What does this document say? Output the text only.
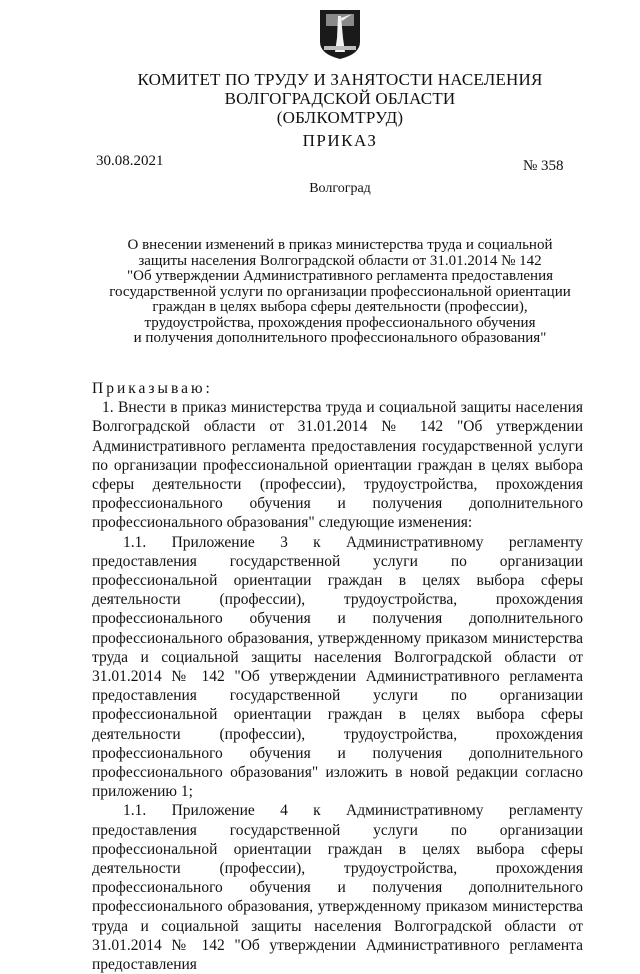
КОМИТЕТ ПО ТРУДУ И ЗАНЯТОСТИ НАСЕЛЕНИЯ
ВОЛГОГРАДСКОЙ ОБЛАСТИ
(ОБЛКОМТРУД)
ПРИКАЗ
30.08.2021	№ 358
Волгоград
О внесении изменений в приказ министерства труда и социальной
защиты населения Волгоградской области от 31.01.2014 № 142
"Об утверждении Административного регламента предоставления
государственной услуги по организации профессиональной ориентации
граждан в целях выбора сферы деятельности (профессии),
трудоустройства, прохождения профессионального обучения
и получения дополнительного профессионального образования"

Приказываю:

1. Внести в приказ министерства труда и социальной защиты населения Волгоградской области от 31.01.2014 № 142 "Об утверждении Административного регламента предоставления государственной услуги по организации профессиональной ориентации граждан в целях выбора сферы деятельности (профессии), трудоустройства, прохождения профессионального обучения и получения дополнительного профессионального образования" следующие изменения:

1.1. Приложение 3 к Административному регламенту предоставления государственной услуги по организации профессиональной ориентации граждан в целях выбора сферы деятельности (профессии), трудоустройства, прохождения профессионального обучения и получения дополнительного профессионального образования, утвержденному приказом министерства труда и социальной защиты населения Волгоградской области от 31.01.2014 № 142 "Об утверждении Административного регламента предоставления государственной услуги по организации профессиональной ориентации граждан в целях выбора сферы деятельности (профессии), трудоустройства, прохождения профессионального обучения и получения дополнительного профессионального образования" изложить в новой редакции согласно приложению 1;

1.1. Приложение 4 к Административному регламенту предоставления государственной услуги по организации профессиональной ориентации граждан в целях выбора сферы деятельности (профессии), трудоустройства, прохождения профессионального обучения и получения дополнительного профессионального образования, утвержденному приказом министерства труда и социальной защиты населения Волгоградской области от 31.01.2014 № 142 "Об утверждении Административного регламента предоставления
